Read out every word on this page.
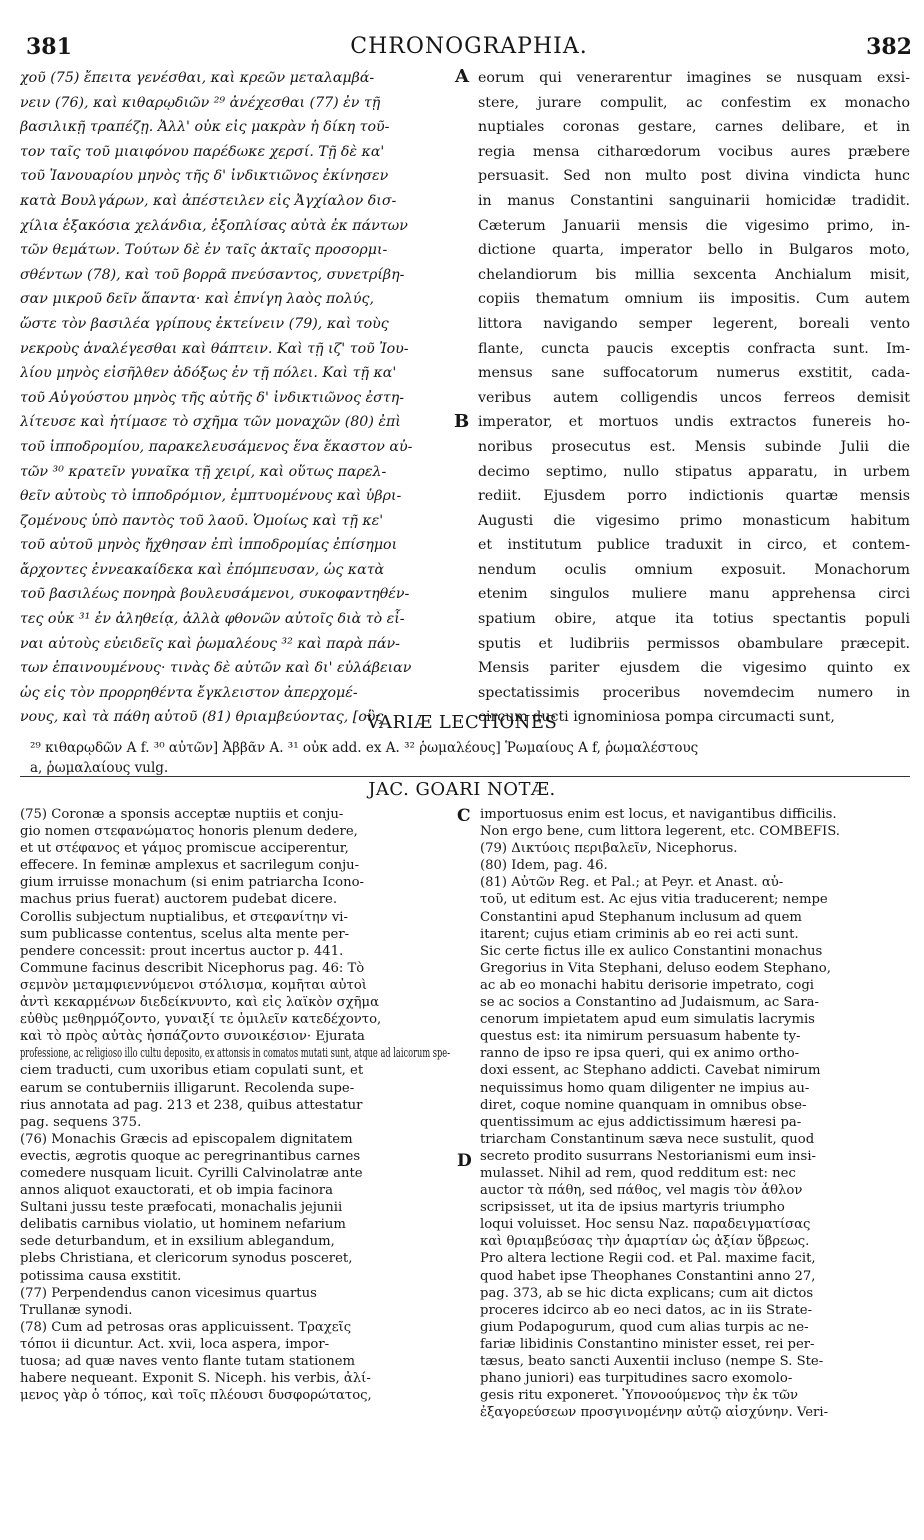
381	CHRONOGRAPHIA.	382
χοῦ (75) ἔπειτα γενέσθαι, καὶ κρεῶν μεταλαμβά-
νειν (76), καὶ κιθαρῳδιῶν ²⁹ ἀνέχεσθαι (77) ἐν τῇ
βασιλικῇ τραπέζῃ. Ἀλλ' οὐκ εἰς μακρὰν ἡ δίκη τοῦ-
τον ταῖς τοῦ μιαιφόνου παρέδωκε χερσί. Τῇ δὲ κα'
τοῦ Ἰανουαρίου μηνὸς τῆς δ' ἰνδικτιῶνος ἐκίνησεν
κατὰ Βουλγάρων, καὶ ἀπέστειλεν εἰς Ἀγχίαλον δισ-
χίλια ἑξακόσια χελάνδια, ἐξοπλίσας αὐτὰ ἐκ πάντων
τῶν θεμάτων. Τούτων δὲ ἐν ταῖς ἀκταῖς προσορμι-
σθέντων (78), καὶ τοῦ βορρᾶ πνεύσαντος, συνετρίβη-
σαν μικροῦ δεῖν ἅπαντα· καὶ ἐπνίγη λαὸς πολύς,
ὥστε τὸν βασιλέα γρίπους ἐκτείνειν (79), καὶ τοὺς
νεκροὺς ἀναλέγεσθαι καὶ θάπτειν. Καὶ τῇ ιζ' τοῦ Ἰου-
λίου μηνὸς εἰσῆλθεν ἀδόξως ἐν τῇ πόλει. Καὶ τῇ κα'
τοῦ Αὐγούστου μηνὸς τῆς αὐτῆς δ' ἰνδικτιῶνος ἐστη-
λίτευσε καὶ ἠτίμασε τὸ σχῆμα τῶν μοναχῶν (80) ἐπὶ
τοῦ ἱπποδρομίου, παρακελευσάμενος ἕνα ἕκαστον αὐ-
τῶν ³⁰ κρατεῖν γυναῖκα τῇ χειρί, καὶ οὕτως παρελ-
θεῖν αὐτοὺς τὸ ἱπποδρόμιον, ἐμπτυομένους καὶ ὑβρι-
ζομένους ὑπὸ παντὸς τοῦ λαοῦ. Ὁμοίως καὶ τῇ κε'
τοῦ αὐτοῦ μηνὸς ἤχθησαν ἐπὶ ἱπποδρομίας ἐπίσημοι
ἄρχοντες ἐννεακαίδεκα καὶ ἐπόμπευσαν, ὡς κατὰ
τοῦ βασιλέως πονηρὰ βουλευσάμενοι, συκοφαντηθέν-
τες οὐκ ³¹ ἐν ἀληθείᾳ, ἀλλὰ φθονῶν αὐτοῖς διὰ τὸ εἶ-
ναι αὐτοὺς εὐειδεῖς καὶ ῥωμαλέους ³² καὶ παρὰ πάν-
των ἐπαινουμένους· τινὰς δὲ αὐτῶν καὶ δι' εὐλάβειαν
ὡς εἰς τὸν προρρηθέντα ἔγκλειστον ἀπερχομέ-
νους, καὶ τὰ πάθη αὐτοῦ (81) θριαμβεύοντας, [οὓς
A
B
eorum qui venerarentur imagines se nusquam exsi-
stere, jurare compulit, ac confestim ex monacho
nuptiales coronas gestare, carnes delibare, et in
regia mensa citharœdorum vocibus aures præbere
persuasit. Sed non multo post divina vindicta hunc
in manus Constantini sanguinarii homicidæ tradidit.
Cæterum Januarii mensis die vigesimo primo, in-
dictione quarta, imperator bello in Bulgaros moto,
chelandiorum bis millia sexcenta Anchialum misit,
copiis thematum omnium iis impositis. Cum autem
littora navigando semper legerent, boreali vento
flante, cuncta paucis exceptis confracta sunt. Im-
mensus sane suffocatorum numerus exstitit, cada-
veribus autem colligendis uncos ferreos demisit
imperator, et mortuos undis extractos funereis ho-
noribus prosecutus est. Mensis subinde Julii die
decimo septimo, nullo stipatus apparatu, in urbem
rediit. Ejusdem porro indictionis quartæ mensis
Augusti die vigesimo primo monasticum habitum
et institutum publice traduxit in circo, et contem-
nendum oculis omnium exposuit. Monachorum
etenim singulos muliere manu apprehensa circi
spatium obire, atque ita totius spectantis populi
sputis et ludibriis permissos obambulare præcepit.
Mensis pariter ejusdem die vigesimo quinto ex
spectatissimis proceribus novemdecim numero in
circum ducti ignominiosa pompa circumacti sunt,
VARIÆ LECTIONES
²⁹ κιθαρῳδῶν A f. ³⁰ αὐτῶν] Ἀββᾶν A. ³¹ οὐκ add. ex A. ³² ῥωμαλέους] Ῥωμαίους A f, ῥωμαλέστους
a, ῥωμαλαίους vulg.
JAC. GOARI NOTÆ.
(75) Coronæ a sponsis acceptæ nuptiis et conju-
gio nomen στεφανώματος honoris plenum dedere,
et ut στέφανος et γάμος promiscue acciperentur,
effecere. In feminæ amplexus et sacrilegum conju-
gium irruisse monachum (si enim patriarcha Icono-
machus prius fuerat) auctorem pudebat dicere.
Corollis subjectum nuptialibus, et στεφανίτην vi-
sum publicasse contentus, scelus alta mente per-
pendere concessit: prout incertus auctor p. 441.
Commune facinus describit Nicephorus pag. 46: Τὸ
σεμνὸν μεταμφιεννύμενοι στόλισμα, κομῆται αὐτοὶ
ἀντὶ κεκαρμένων διεδείκνυντο, καὶ εἰς λαϊκὸν σχῆμα
εὐθὺς μεθηρμόζοντο, γυναιξί τε ὁμιλεῖν κατεδέχοντο,
καὶ τὸ πρὸς αὐτὰς ἠσπάζοντο συνοικέσιον· Ejurata
professione, ac religioso illo cultu deposito, ex attonsis in comatos mutati sunt, atque ad laicorum spe-
ciem traducti, cum uxoribus etiam copulati sunt, et
earum se contuberniis illigarunt. Recolenda supe-
rius annotata ad pag. 213 et 238, quibus attestatur
pag. sequens 375.
(76) Monachis Græcis ad episcopalem dignitatem
evectis, ægrotis quoque ac peregrinantibus carnes
comedere nusquam licuit. Cyrilli Calvinolatræ ante
annos aliquot exauctorati, et ob impia facinora
Sultani jussu teste præfocati, monachalis jejunii
delibatis carnibus violatio, ut hominem nefarium
sede deturbandum, et in exsilium ablegandum,
plebs Christiana, et clericorum synodus posceret,
potissima causa exstitit.
(77) Perpendendus canon vicesimus quartus
Trullanæ synodi.
(78) Cum ad petrosas oras applicuissent. Τραχεῖς
τόποι ii dicuntur. Act. xvii, loca aspera, impor-
tuosa; ad quæ naves vento flante tutam stationem
habere nequeant. Exponit S. Niceph. his verbis, ἀλί-
μενος γὰρ ὁ τόπος, καὶ τοῖς πλέουσι δυσφορώτατος,
C
D
importuosus enim est locus, et navigantibus difficilis.
Non ergo bene, cum littora legerent, etc. COMBEFIS.
(79) Δικτύοις περιβαλεῖν, Nicephorus.
(80) Idem, pag. 46.
(81) Αὐτῶν Reg. et Pal.; at Peyr. et Anast. αὐ-
τοῦ, ut editum est. Ac ejus vitia traducerent; nempe
Constantini apud Stephanum inclusum ad quem
itarent; cujus etiam criminis ab eo rei acti sunt.
Sic certe fictus ille ex aulico Constantini monachus
Gregorius in Vita Stephani, deluso eodem Stephano,
ac ab eo monachi habitu derisorie impetrato, cogi
se ac socios a Constantino ad Judaismum, ac Sara-
cenorum impietatem apud eum simulatis lacrymis
questus est: ita nimirum persuasum habente ty-
ranno de ipso re ipsa queri, qui ex animo ortho-
doxi essent, ac Stephano addicti. Cavebat nimirum
nequissimus homo quam diligenter ne impius au-
diret, coque nomine quanquam in omnibus obse-
quentissimum ac ejus addictissimum hæresi pa-
triarcham Constantinum sæva nece sustulit, quod
secreto prodito susurrans Nestorianismi eum insi-
mulasset. Nihil ad rem, quod redditum est: nec
auctor τὰ πάθη, sed πάθος, vel magis τὸν ἆθλον
scripsisset, ut ita de ipsius martyris triumpho
loqui voluisset. Hoc sensu Naz. παραδειγματίσας
καὶ θριαμβεύσας τὴν ἁμαρτίαν ὡς ἀξίαν ὕβρεως.
Pro altera lectione Regii cod. et Pal. maxime facit,
quod habet ipse Theophanes Constantini anno 27,
pag. 373, ab se hic dicta explicans; cum ait dictos
proceres idcirco ab eo neci datos, ac in iis Strate-
gium Podapogurum, quod cum alias turpis ac ne-
fariæ libidinis Constantino minister esset, rei per-
tæsus, beato sancti Auxentii incluso (nempe S. Ste-
phano juniori) eas turpitudines sacro exomolo-
gesis ritu exponeret. Ὑπονοούμενος τὴν ἐκ τῶν
ἐξαγορεύσεων προσγινομένην αὐτῷ αἰσχύνην. Veri-
